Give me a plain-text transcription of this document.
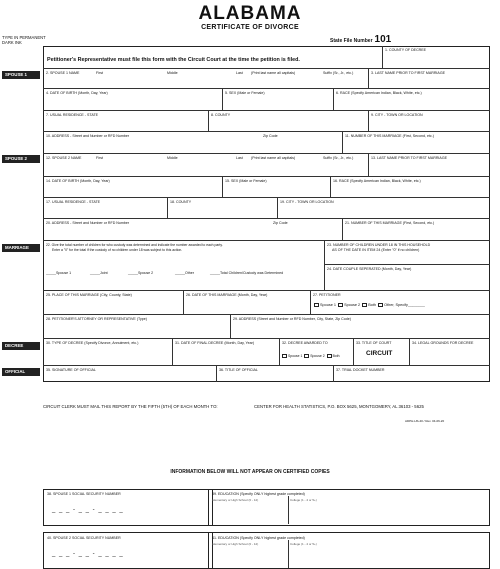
ALABAMA
CERTIFICATE OF DIVORCE
TYPE IN PERMANENT
DARK INK	State File Number 101
SPOUSE 1
SPOUSE 2
MARRIAGE
DECREE
OFFICIAL
Petitioner's Representative must file this form with the Circuit Court at the time the petition is filed.
1. COUNTY OF DECREE
2. SPOUSE 1 NAME	First	Middle	Last (Print last name all capitals)	Suffix (Sr., Jr., etc.)	3. LAST NAME PRIOR TO FIRST MARRIAGE
4. DATE OF BIRTH (Month, Day, Year)	5. SEX (Male or Female)	6. RACE (Specify American Indian, Black, White, etc.)
7. USUAL RESIDENCE - STATE	8. COUNTY	9. CITY - TOWN OR LOCATION
10. ADDRESS - Street and Number or RFD Number	Zip Code	11. NUMBER OF THIS MARRIAGE (First, Second, etc.)
12. SPOUSE 2 NAME	First	Middle	Last (Print last name all capitals)	Suffix (Sr., Jr., etc.)	13. LAST NAME PRIOR TO FIRST MARRIAGE
14. DATE OF BIRTH (Month, Day, Year)	15. SEX (Male or Female)	16. RACE (Specify American Indian, Black, White, etc.)
17. USUAL RESIDENCE - STATE	18. COUNTY	19. CITY - TOWN OR LOCATION
20. ADDRESS - Street and Number or RFD Number	Zip Code	21. NUMBER OF THIS MARRIAGE (First, Second, etc.)
22. Give the total number of children for who custody was determined and indicate the number awarded to each party.
Enter a "0" for the total if the custody of no children under 18 was subject to this action.
_____Spouse 1	_____Joint	_____Spouse 2	_____Other	_____Total Children/Custody was Determined
23. NUMBER OF CHILDREN UNDER 18 IN THIS HOUSEHOLD
AS OF THE DATE IN ITEM 24 (Enter "0" if no children)
24. DATE COUPLE SEPERATED (Month, Day, Year)
25. PLACE OF THIS MARRIAGE (City, County, State)	26. DATE OF THIS MARRIAGE (Month, Day, Year)	27. PETITIONER
Spouse 1 Spouse 2 Both Other, Specify________
28. PETITIONER'S ATTORNEY OR REPRESENTATIVE (Type)	29. ADDRESS (Street and Number or RFD Number, City, State, Zip Code)
30. TYPE OF DECREE (Specify Divorce, Annulment, etc.)	31. DATE OF FINAL DECREE (Month, Day, Year)	32. DECREE AWARDED TO
Spouse 1 Spouse 2 Both
33. TITLE OF COURT
CIRCUIT
34. LEGAL GROUNDS FOR DECREE
35. SIGNATURE OF OFFICIAL	36. TITLE OF OFFICIAL	37. TRIAL DOCKET NUMBER
CIRCUIT CLERK MUST MAIL THIS REPORT BY THE FIFTH (5TH) OF EACH MONTH TO:	CENTER FOR HEALTH STATISTICS, P.O. BOX 5625, MONTGOMERY, AL 36103 - 5625
ADPH-HS-40 / Rev. 04-06-20
INFORMATION BELOW WILL NOT APPEAR ON CERTIFIED COPIES
38. SPOUSE 1 SOCIAL SECURITY NUMBER
_ _ _ - _ _ - _ _ _ _
39. EDUCATION (Specify ONLY highest grade completed)
Elementary or High School (0 - 12)	College (1 - 4 or 5+)
40. SPOUSE 2 SOCIAL SECURITY NUMBER
_ _ _ - _ _ - _ _ _ _
41. EDUCATION (Specify ONLY highest grade completed)
Elementary or High School (0 - 12)	College (1 - 4 or 5+)
